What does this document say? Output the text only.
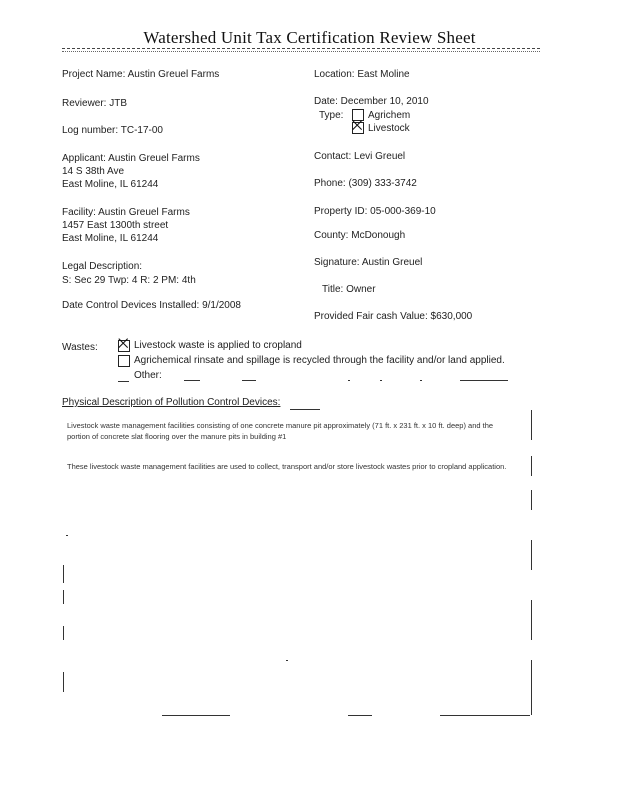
Watershed Unit Tax Certification Review Sheet
Project Name: Austin Greuel Farms
Reviewer: JTB
Log number: TC-17-00
Applicant: Austin Greuel Farms
14 S 38th Ave
East Moline, IL 61244
Facility: Austin Greuel Farms
1457 East 1300th street
East Moline, IL 61244
Legal Description:
S: Sec 29 Twp: 4 R: 2 PM: 4th
Date Control Devices Installed: 9/1/2008
Location: East Moline
Date: December 10, 2010
Type: Agrichem
⨉ Livestock
Contact: Levi Greuel
Phone: (309) 333-3742
Property ID: 05-000-369-10
County: McDonough
Signature: Austin Greuel
Title: Owner
Provided Fair cash Value: $630,000
Wastes: ⨉ Livestock waste is applied to cropland
Agrichemical rinsate and spillage is recycled through the facility and/or land applied.
Other:
Physical Description of Pollution Control Devices:
Livestock waste management facilities consisting of one concrete manure pit approximately (71 ft. x 231 ft. x 10 ft. deep) and the portion of concrete slat flooring over the manure pits in building #1
These livestock waste management facilities are used to collect, transport and/or store livestock wastes prior to cropland application.
